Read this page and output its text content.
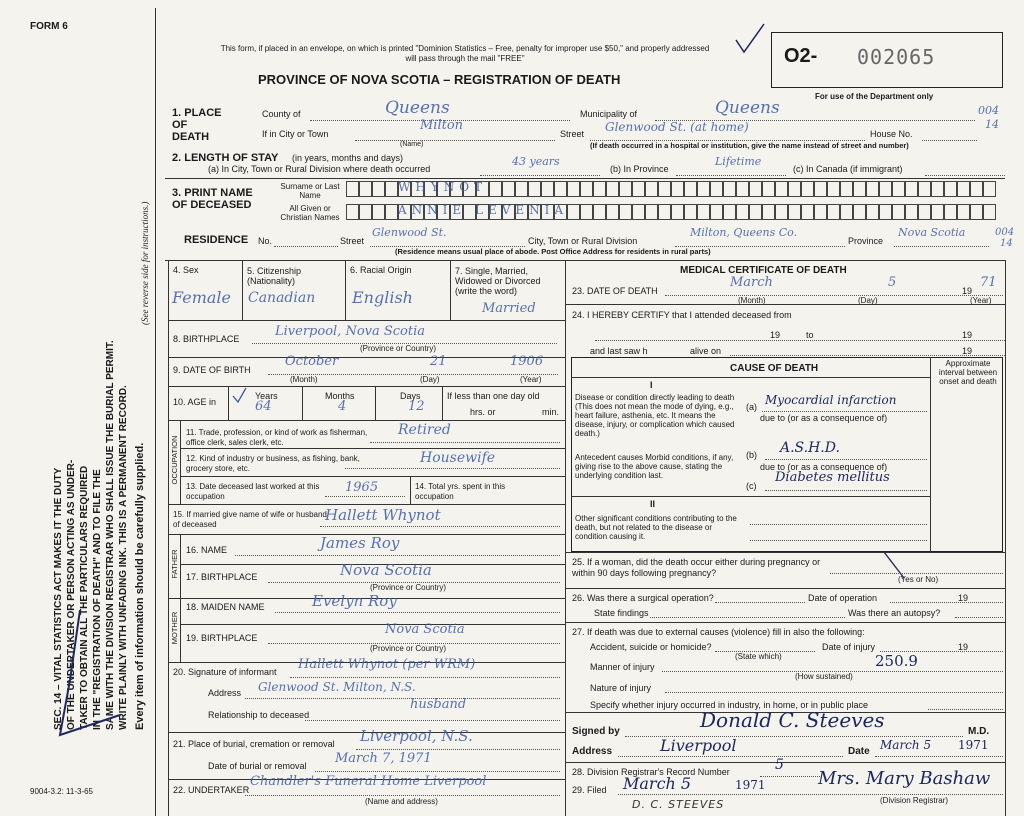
FORM 6
SEC. 14 – VITAL STATISTICS ACT MAKES IT THE DUTY OF THE UNDERTAKER OR PERSON ACTING AS UNDER- TAKER TO OBTAIN ALL THE PARTICULARS REQUIRED IN THE "REGISTRATION OF DEATH" AND TO FILE THE SAME WITH THE DIVISION REGISTRAR WHO SHALL ISSUE THE BURIAL PERMIT. WRITE PLAINLY WITH UNFADING INK. THIS IS A PERMANENT RECORD. Every item of information should be carefully supplied.
(See reverse side for instructions.)
9004-3.2: 11-3-65
This form, if placed in an envelope, on which is printed "Dominion Statistics – Free, penalty for improper use $50," and properly addressed will pass through the mail "FREE"
PROVINCE OF NOVA SCOTIA – REGISTRATION OF DEATH
O2- 002065
For use of the Department only
1. PLACE OF DEATH
County of	Queens	Municipality of	Queens	004
If in City or Town
Milton
(Name)
Street Glenwood St. (at home)	House No.
14
(If death occurred in a hospital or institution, give the name instead of street and number)
2. LENGTH OF STAY (in years, months and days)
(a) In City, Town or Rural Division where death occurred
43 years
(b) In Province
Lifetime
(c) In Canada (if immigrant)
3. PRINT NAME OF DECEASED
Surname or Last Name
All Given or Christian Names
WHYNOT
ANNIE LEVENIA
RESIDENCE No.	Street
Glenwood St.
City, Town or Rural Division
Milton, Queens Co.
Province
Nova Scotia	004
14
(Residence means usual place of abode. Post Office Address for residents in rural parts)
4. Sex	5. Citizenship (Nationality)
6. Racial Origin	7. Single, Married, Widowed or Divorced (write the word)
Female Canadian English
Married
8. BIRTHPLACE	Liverpool, Nova Scotia
(Province or Country)
9. DATE OF BIRTH
October	21	1906
(Month)	(Day)	(Year)
10. AGE in
Years	Months	Days	If less than one day old
hrs. or	min.
64	4	12
OCCUPATION
11. Trade, profession, or kind of work as fisherman, office clerk, sales clerk, etc.
Retired
12. Kind of industry or business, as fishing, bank, grocery store, etc.
Housewife
13. Date deceased last worked at this occupation
1965	14. Total yrs. spent in this occupation
15. If married give name of wife or husband of deceased
Hallett Whynot
FATHER 16. NAME	James Roy
17. BIRTHPLACE	Nova Scotia
(Province or Country)
MOTHER
18. MAIDEN NAME	Evelyn Roy
19. BIRTHPLACE
Nova Scotia
(Province or Country)
20. Signature of informant Hallett Whynot (per WRM)
Address Glenwood St. Milton, N.S.
Relationship to deceased
husband
21. Place of burial, cremation or removal Liverpool, N.S.
Date of burial or removal March 7, 1971
22. UNDERTAKER
Chandler's Funeral Home Liverpool
(Name and address)
MEDICAL CERTIFICATE OF DEATH
23. DATE OF DEATH
March	5
19
71
(Month)	(Day)	(Year)
24. I HEREBY CERTIFY that I attended deceased from
19	to	19
and last saw h	alive on	19
CAUSE OF DEATH	Approximate interval between onset and death
I
Disease or condition directly leading to death (This does not mean the mode of dying, e.g., heart failure, asthenia, etc. It means the disease, injury, or complication which caused death.)
(a) Myocardial infarction
due to (or as a consequence of)
Antecedent causes Morbid conditions, if any, giving rise to the above cause, stating the underlying condition last.
(b) A.S.H.D.
due to (or as a consequence of)
(c)
Diabetes mellitus
II
Other significant conditions contributing to the death, but not related to the disease or condition causing it.
25. If a woman, did the death occur either during pregnancy or within 90 days following pregnancy?
(Yes or No)
26. Was there a surgical operation?	Date of operation	19
State findings	Was there an autopsy?
27. If death was due to external causes (violence) fill in also the following:
Accident, suicide or homicide?
(State which)
Date of injury	19
Manner of injury	250.9
(How sustained)
Nature of injury
Specify whether injury occurred in industry, in home, or in public place
Signed by	Donald C. Steeves	M.D.
Address	Liverpool	Date March 5 1971
28. Division Registrar's Record Number	5
29. Filed March 5	1971	Mrs. Mary Bashaw
(Division Registrar)
D. C. STEEVES
